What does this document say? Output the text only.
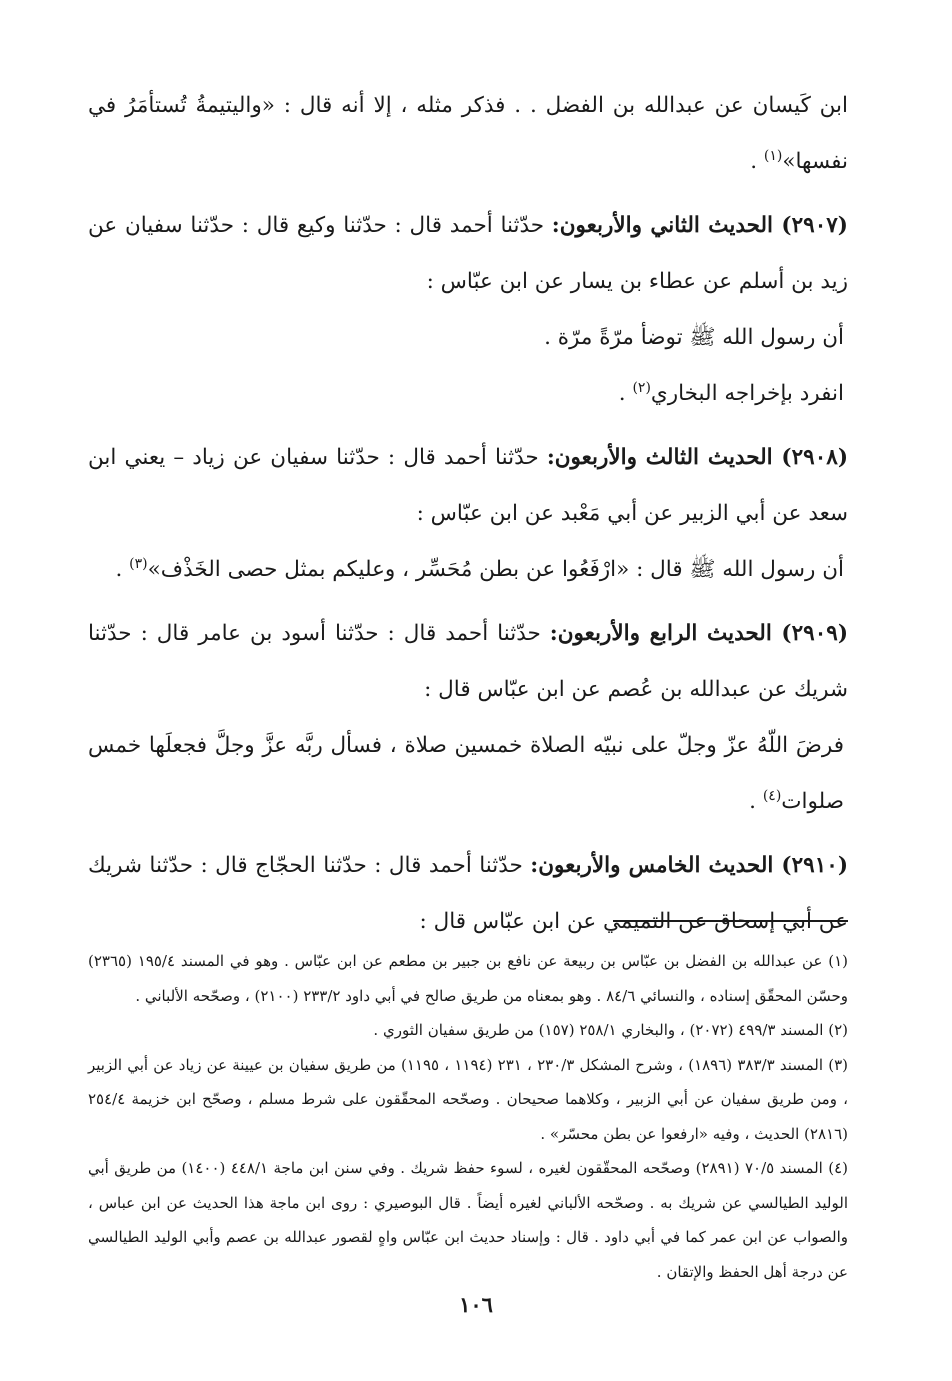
ابن كَيسان عن عبدالله بن الفضل . . فذكر مثله ، إلا أنه قال : «واليتيمةُ تُستأمَرُ في نفسها»$^{(١)}$ .

(٢٩٠٧) الحديث الثاني والأربعون: حدّثنا أحمد قال : حدّثنا وكيع قال : حدّثنا سفيان عن زيد بن أسلم عن عطاء بن يسار عن ابن عبّاس :

أن رسول الله ﷺ توضأ مرّةً مرّة .

انفرد بإخراجه البخاري$^{(٢)}$ .

(٢٩٠٨) الحديث الثالث والأربعون: حدّثنا أحمد قال : حدّثنا سفيان عن زياد – يعني ابن سعد عن أبي الزبير عن أبي مَعْبد عن ابن عبّاس :

أن رسول الله ﷺ قال : «ارْفَعُوا عن بطن مُحَسِّر ، وعليكم بمثل حصى الخَذْف»$^{(٣)}$ .

(٢٩٠٩) الحديث الرابع والأربعون: حدّثنا أحمد قال : حدّثنا أسود بن عامر قال : حدّثنا شريك عن عبدالله بن عُصم عن ابن عبّاس قال :

فرضَ اللّهُ عزّ وجلّ على نبيّه الصلاة خمسين صلاة ، فسأل ربَّه عزَّ وجلَّ فجعلَها خمس صلوات$^{(٤)}$ .

(٢٩١٠) الحديث الخامس والأربعون: حدّثنا أحمد قال : حدّثنا الحجّاج قال : حدّثنا شريك عن أبي إسحاق عن التميمي عن ابن عبّاس قال :

(١) عن عبدالله بن الفضل بن عبّاس بن ربيعة عن نافع بن جبير بن مطعم عن ابن عبّاس . وهو في المسند ١٩٥/٤ (٢٣٦٥) وحسّن المحقّق إسناده ، والنسائي ٨٤/٦ . وهو بمعناه من طريق صالح في أبي داود ٢٣٣/٢ (٢١٠٠) ، وصحّحه الألباني .

(٢) المسند ٤٩٩/٣ (٢٠٧٢) ، والبخاري ٢٥٨/١ (١٥٧) من طريق سفيان الثوري .

(٣) المسند ٣٨٣/٣ (١٨٩٦) ، وشرح المشكل ٢٣٠/٣ ، ٢٣١ (١١٩٤ ، ١١٩٥) من طريق سفيان بن عيينة عن زياد عن أبي الزبير ، ومن طريق سفيان عن أبي الزبير ، وكلاهما صحيحان . وصحّحه المحقّقون على شرط مسلم ، وصحّح ابن خزيمة ٢٥٤/٤ (٢٨١٦) الحديث ، وفيه «ارفعوا عن بطن محسّر» .

(٤) المسند ٧٠/٥ (٢٨٩١) وصحّحه المحقّقون لغيره ، لسوء حفظ شريك . وفي سنن ابن ماجة ٤٤٨/١ (١٤٠٠) من طريق أبي الوليد الطيالسي عن شريك به . وصحّحه الألباني لغيره أيضاً . قال البوصيري : روى ابن ماجة هذا الحديث عن ابن عباس ، والصواب عن ابن عمر كما في أبي داود . قال : وإسناد حديث ابن عبّاس واهٍ لقصور عبدالله بن عصم وأبي الوليد الطيالسي عن درجة أهل الحفظ والإتقان .

١٠٦
